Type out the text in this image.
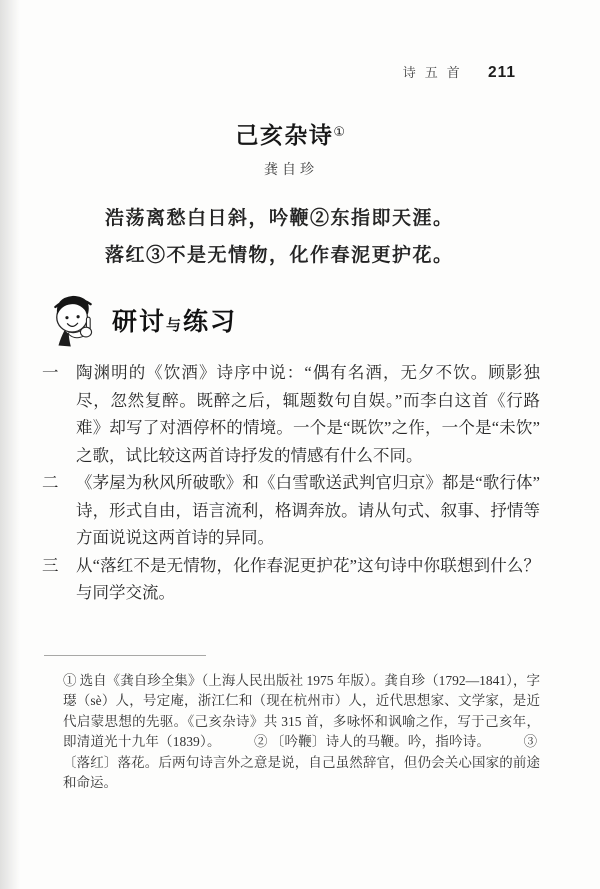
诗五首 211
己亥杂诗①
龚自珍

浩荡离愁白日斜，吟鞭②东指即天涯。

落红③不是无情物，化作春泥更护花。

研讨与练习
一 陶渊明的《饮酒》诗序中说：“偶有名酒，无夕不饮。顾影独尽，忽然复醉。既醉之后，辄题数句自娱。”而李白这首《行路难》却写了对酒停杯的情境。一个是“既饮”之作，一个是“未饮”之歌，试比较这两首诗抒发的情感有什么不同。
二 《茅屋为秋风所破歌》和《白雪歌送武判官归京》都是“歌行体”诗，形式自由，语言流利，格调奔放。请从句式、叙事、抒情等方面说说这两首诗的异同。
三 从“落红不是无情物，化作春泥更护花”这句诗中你联想到什么？与同学交流。

① 选自《龚自珍全集》（上海人民出版社 1975 年版）。龚自珍（1792—1841），字璱（sè）人，号定庵，浙江仁和（现在杭州市）人，近代思想家、文学家，是近代启蒙思想的先驱。《己亥杂诗》共 315 首，多咏怀和讽喻之作，写于己亥年，即清道光十九年（1839）。 ② 〔吟鞭〕诗人的马鞭。吟，指吟诗。 ③〔落红〕落花。后两句诗言外之意是说，自己虽然辞官，但仍会关心国家的前途和命运。
